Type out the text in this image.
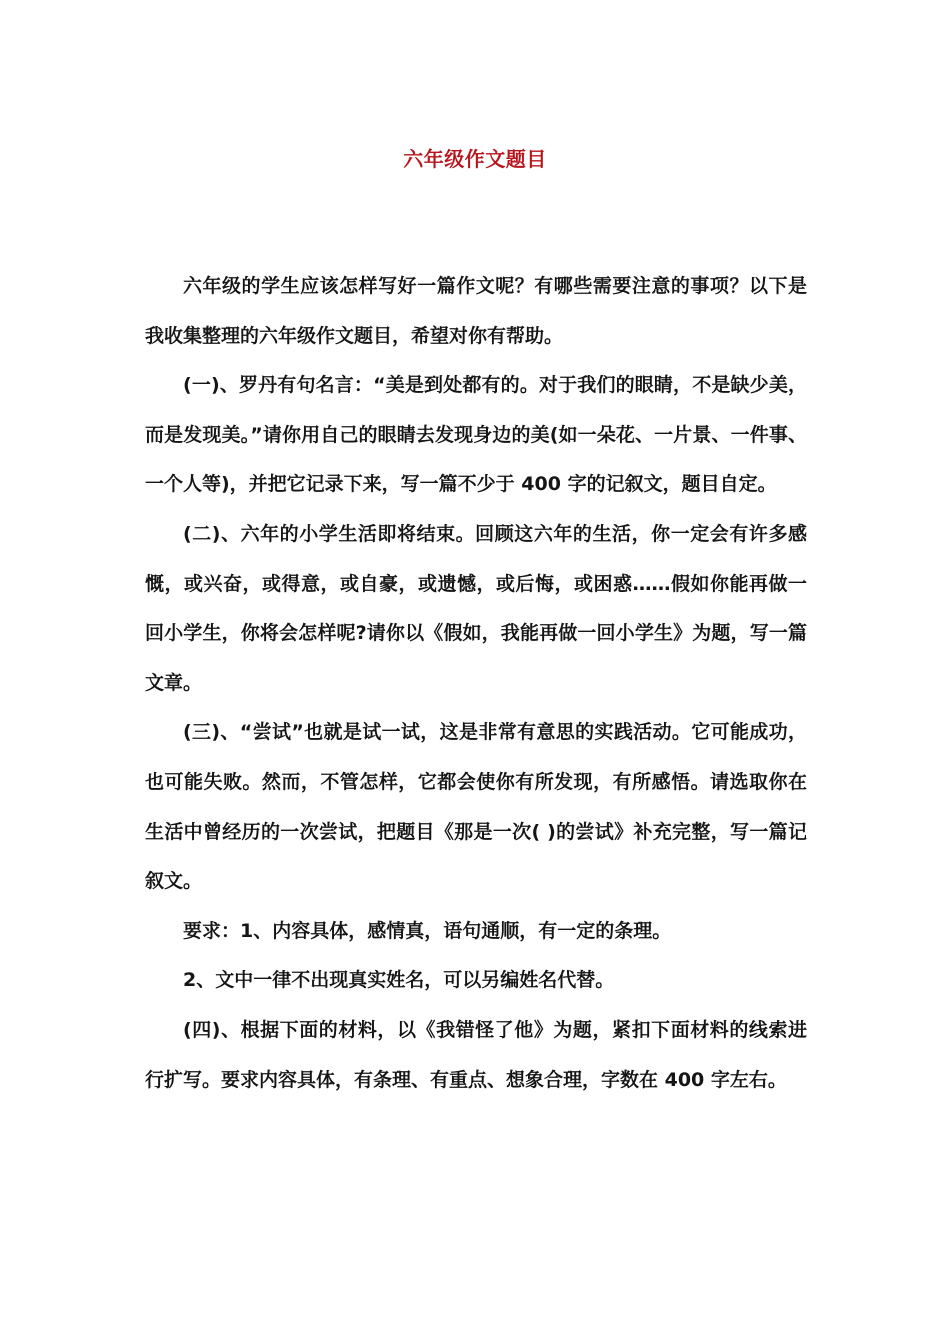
六年级作文题目

六年级的学生应该怎样写好一篇作文呢？有哪些需要注意的事项？以下是我收集整理的六年级作文题目，希望对你有帮助。

(一)、罗丹有句名言：“美是到处都有的。对于我们的眼睛，不是缺少美，而是发现美。”请你用自己的眼睛去发现身边的美(如一朵花、一片景、一件事、一个人等)，并把它记录下来，写一篇不少于 400 字的记叙文，题目自定。

(二)、六年的小学生活即将结束。回顾这六年的生活，你一定会有许多感慨，或兴奋，或得意，或自豪，或遗憾，或后悔，或困惑……假如你能再做一回小学生，你将会怎样呢?请你以《假如，我能再做一回小学生》为题，写一篇文章。

(三)、“尝试”也就是试一试，这是非常有意思的实践活动。它可能成功，也可能失败。然而，不管怎样，它都会使你有所发现，有所感悟。请选取你在生活中曾经历的一次尝试，把题目《那是一次( )的尝试》补充完整，写一篇记叙文。

要求：1、内容具体，感情真，语句通顺，有一定的条理。

2、文中一律不出现真实姓名，可以另编姓名代替。

(四)、根据下面的材料，以《我错怪了他》为题，紧扣下面材料的线索进行扩写。要求内容具体，有条理、有重点、想象合理，字数在 400 字左右。
